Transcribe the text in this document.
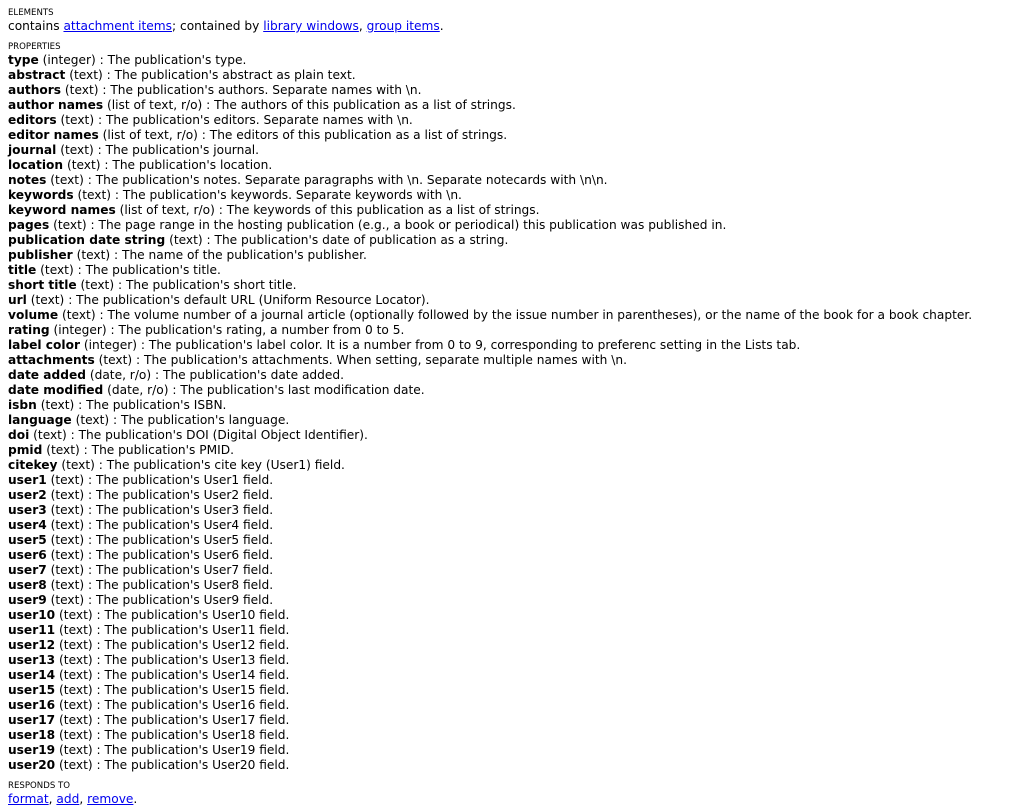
ELEMENTS
contains attachment items; contained by library windows, group items.
PROPERTIES
type (integer) : The publication's type.
abstract (text) : The publication's abstract as plain text.
authors (text) : The publication's authors. Separate names with \n.
author names (list of text, r/o) : The authors of this publication as a list of strings.
editors (text) : The publication's editors. Separate names with \n.
editor names (list of text, r/o) : The editors of this publication as a list of strings.
journal (text) : The publication's journal.
location (text) : The publication's location.
notes (text) : The publication's notes. Separate paragraphs with \n. Separate notecards with \n\n.
keywords (text) : The publication's keywords. Separate keywords with \n.
keyword names (list of text, r/o) : The keywords of this publication as a list of strings.
pages (text) : The page range in the hosting publication (e.g., a book or periodical) this publication was published in.
publication date string (text) : The publication's date of publication as a string.
publisher (text) : The name of the publication's publisher.
title (text) : The publication's title.
short title (text) : The publication's short title.
url (text) : The publication's default URL (Uniform Resource Locator).
volume (text) : The volume number of a journal article (optionally followed by the issue number in parentheses), or the name of the book for a book chapter.
rating (integer) : The publication's rating, a number from 0 to 5.
label color (integer) : The publication's label color. It is a number from 0 to 9, corresponding to preferenc setting in the Lists tab.
attachments (text) : The publication's attachments. When setting, separate multiple names with \n.
date added (date, r/o) : The publication's date added.
date modified (date, r/o) : The publication's last modification date.
isbn (text) : The publication's ISBN.
language (text) : The publication's language.
doi (text) : The publication's DOI (Digital Object Identifier).
pmid (text) : The publication's PMID.
citekey (text) : The publication's cite key (User1) field.
user1 (text) : The publication's User1 field.
user2 (text) : The publication's User2 field.
user3 (text) : The publication's User3 field.
user4 (text) : The publication's User4 field.
user5 (text) : The publication's User5 field.
user6 (text) : The publication's User6 field.
user7 (text) : The publication's User7 field.
user8 (text) : The publication's User8 field.
user9 (text) : The publication's User9 field.
user10 (text) : The publication's User10 field.
user11 (text) : The publication's User11 field.
user12 (text) : The publication's User12 field.
user13 (text) : The publication's User13 field.
user14 (text) : The publication's User14 field.
user15 (text) : The publication's User15 field.
user16 (text) : The publication's User16 field.
user17 (text) : The publication's User17 field.
user18 (text) : The publication's User18 field.
user19 (text) : The publication's User19 field.
user20 (text) : The publication's User20 field.
RESPONDS TO
format, add, remove.
